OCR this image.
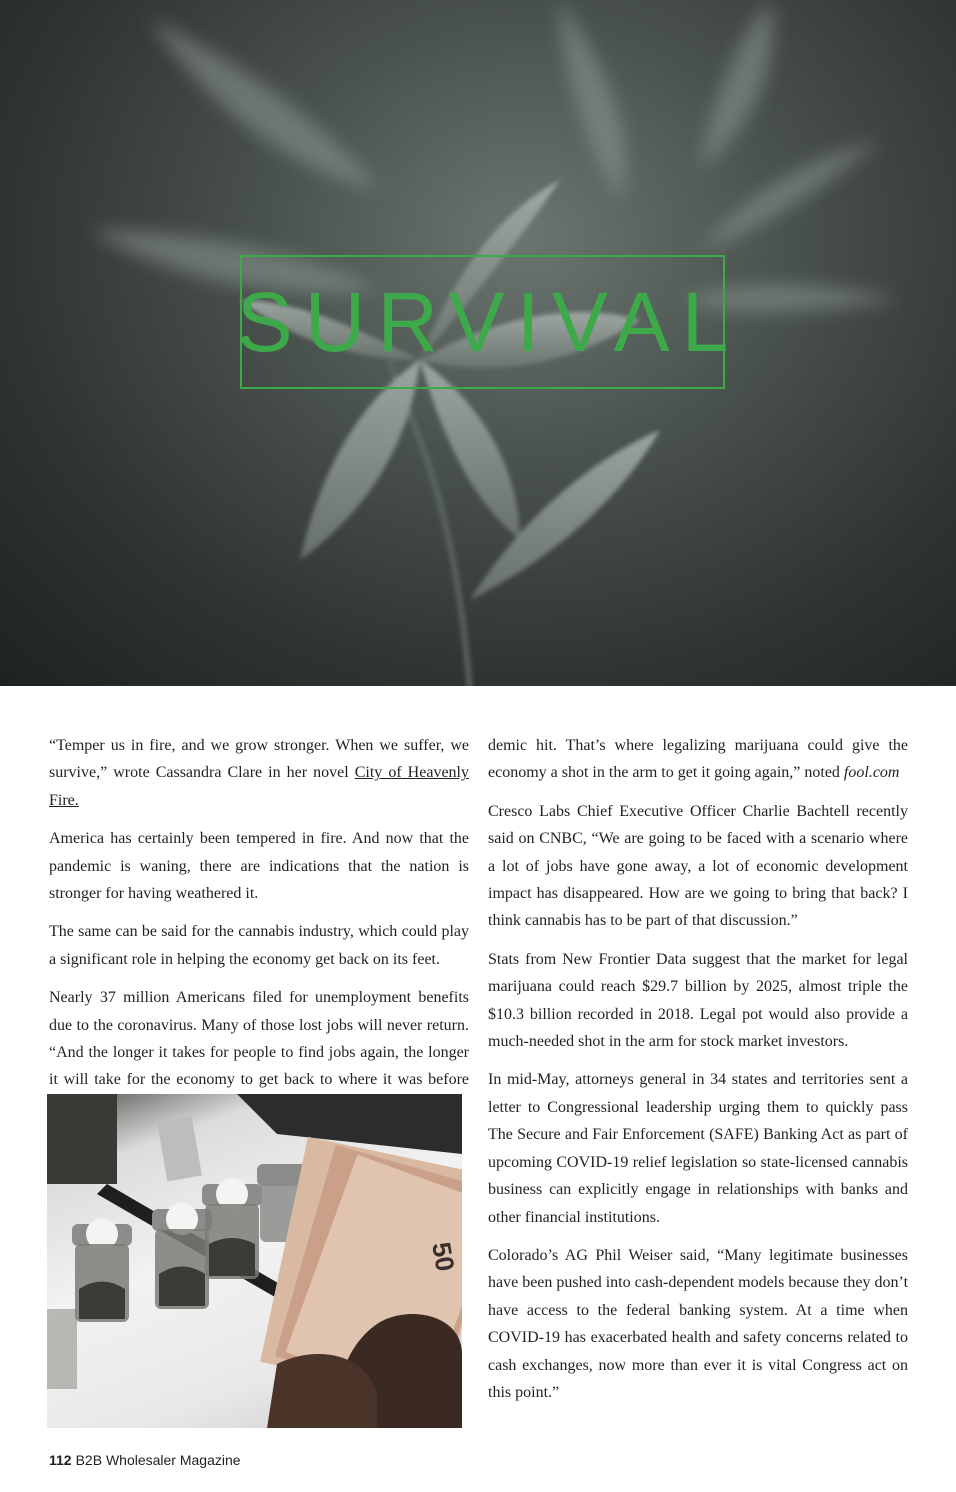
SURVIVAL

“Temper us in fire, and we grow stronger. When we suffer, we survive,” wrote Cassandra Clare in her novel City of Heavenly Fire.

America has certainly been tempered in fire. And now that the pandemic is waning, there are indications that the nation is stronger for having weathered it.

The same can be said for the cannabis industry, which could play a significant role in helping the economy get back on its feet.

Nearly 37 million Americans filed for unemployment benefits due to the coronavirus. Many of those lost jobs will never return. “And the longer it takes for people to find jobs again, the longer it will take for the economy to get back to where it was before

50

demic hit. That’s where legalizing marijuana could give the economy a shot in the arm to get it going again,” noted fool.com

Cresco Labs Chief Executive Officer Charlie Bachtell recently said on CNBC, “We are going to be faced with a scenario where a lot of jobs have gone away, a lot of economic development impact has disappeared. How are we going to bring that back? I think cannabis has to be part of that discussion.”

Stats from New Frontier Data suggest that the market for legal marijuana could reach $29.7 billion by 2025, almost triple the $10.3 billion recorded in 2018. Legal pot would also provide a much-needed shot in the arm for stock market investors.

In mid-May, attorneys general in 34 states and territories sent a letter to Congressional leadership urging them to quickly pass The Secure and Fair Enforcement (SAFE) Banking Act as part of upcoming COVID-19 relief legislation so state-licensed cannabis business can explicitly engage in relationships with banks and other financial institutions.

Colorado’s AG Phil Weiser said, “Many legitimate businesses have been pushed into cash-dependent models because they don’t have access to the federal banking system. At a time when COVID-19 has exacerbated health and safety concerns related to cash exchanges, now more than ever it is vital Congress act on this point.”

112 B2B Wholesaler Magazine
